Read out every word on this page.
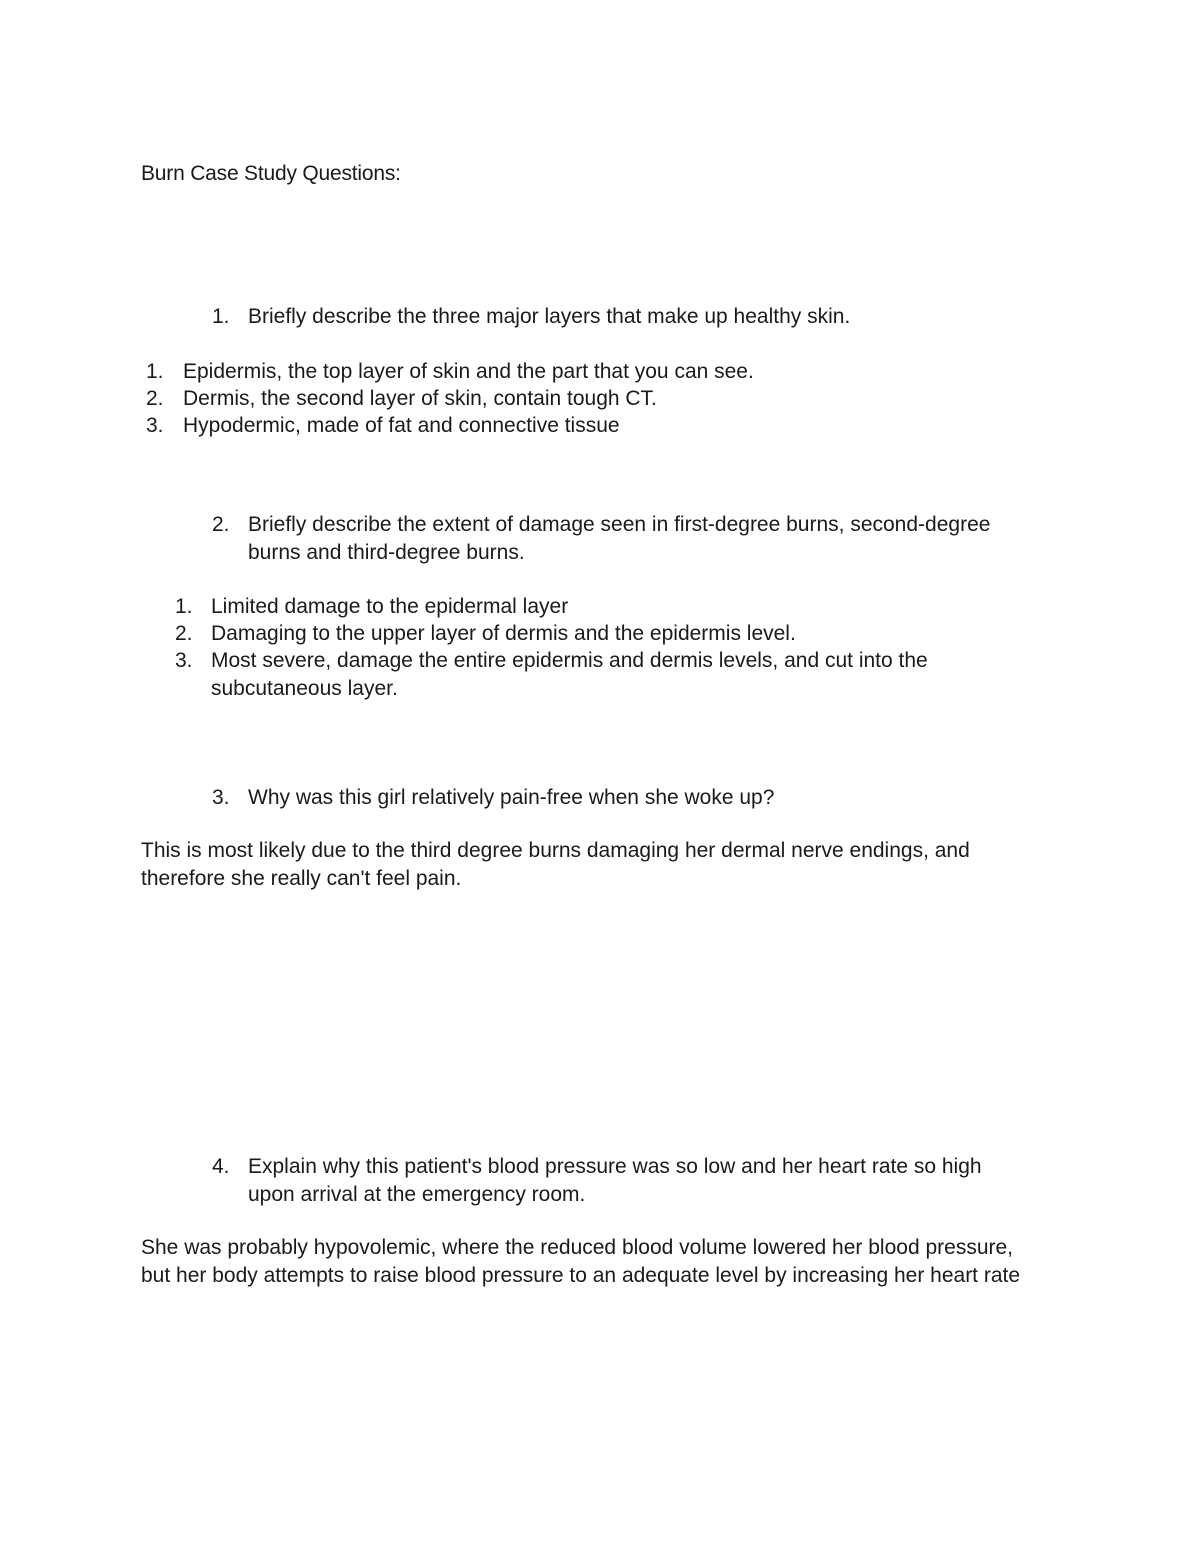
Burn Case Study Questions:
1. Briefly describe the three major layers that make up healthy skin.
1. Epidermis, the top layer of skin and the part that you can see.
2. Dermis, the second layer of skin, contain tough CT.
3. Hypodermic, made of fat and connective tissue
2. Briefly describe the extent of damage seen in first-degree burns, second-degree burns and third-degree burns.
1. Limited damage to the epidermal layer
2. Damaging to the upper layer of dermis and the epidermis level.
3. Most severe, damage the entire epidermis and dermis levels, and cut into the subcutaneous layer.
3. Why was this girl relatively pain-free when she woke up?
This is most likely due to the third degree burns damaging her dermal nerve endings, and therefore she really can't feel pain.
4. Explain why this patient's blood pressure was so low and her heart rate so high upon arrival at the emergency room.
She was probably hypovolemic, where the reduced blood volume lowered her blood pressure, but her body attempts to raise blood pressure to an adequate level by increasing her heart rate
